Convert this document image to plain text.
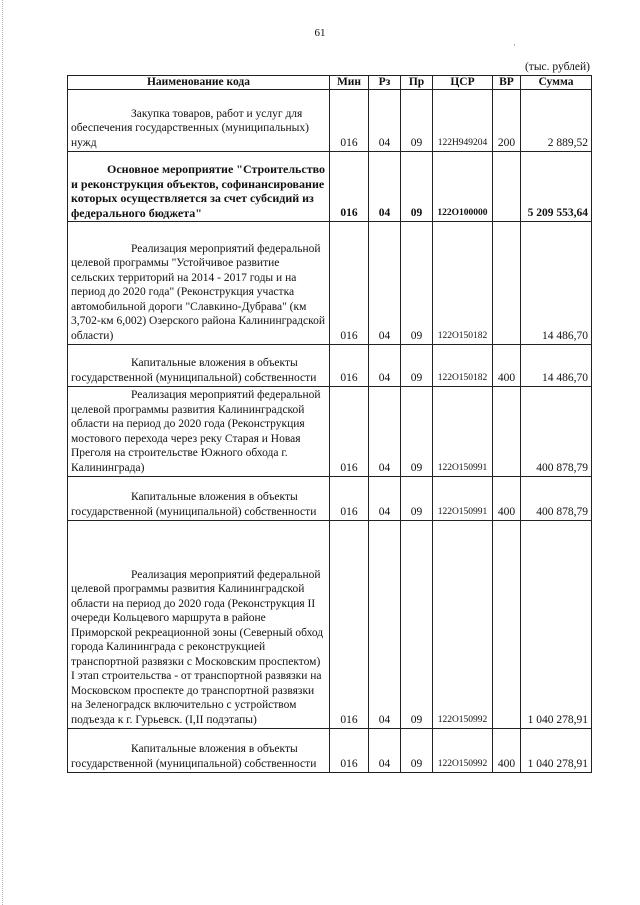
61
·
(тыс. рублей)
Наименование кода	Мин	Рз	Пр	ЦСР	ВР	Сумма
Закупка товаров, работ и услуг для обеспечения государственных (муниципальных) нужд	016	04	09	122Н949204	200	2 889,52
Основное мероприятие "Строительство и реконструкция объектов, софинансирование которых осуществляется за счет субсидий из федерального бюджета"	016	04	09	122О100000		5 209 553,64
Реализация мероприятий федеральной целевой программы "Устойчивое развитие сельских территорий на 2014 - 2017 годы и на период до 2020 года" (Реконструкция участка автомобильной дороги "Славкино-Дубрава" (км 3,702-км 6,002) Озерского района Калининградской области)	016	04	09	122О150182		14 486,70
Капитальные вложения в объекты государственной (муниципальной) собственности	016	04	09	122О150182	400	14 486,70
Реализация мероприятий федеральной целевой программы развития Калининградской области на период до 2020 года (Реконструкция мостового перехода через реку Старая и Новая Преголя на строительстве Южного обхода г. Калининграда)	016	04	09	122О150991		400 878,79
Капитальные вложения в объекты государственной (муниципальной) собственности	016	04	09	122О150991	400	400 878,79
Реализация мероприятий федеральной целевой программы развития Калининградской области на период до 2020 года (Реконструкция II очереди Кольцевого маршрута в районе Приморской рекреационной зоны (Северный обход города Калининграда с реконструкцией транспортной развязки с Московским проспектом) I этап строительства - от транспортной развязки на Московском проспекте до транспортной развязки на Зеленоградск включительно с устройством подъезда к г. Гурьевск. (I,II подэтапы)	016	04	09	122О150992		1 040 278,91
Капитальные вложения в объекты государственной (муниципальной) собственности	016	04	09	122О150992	400	1 040 278,91
